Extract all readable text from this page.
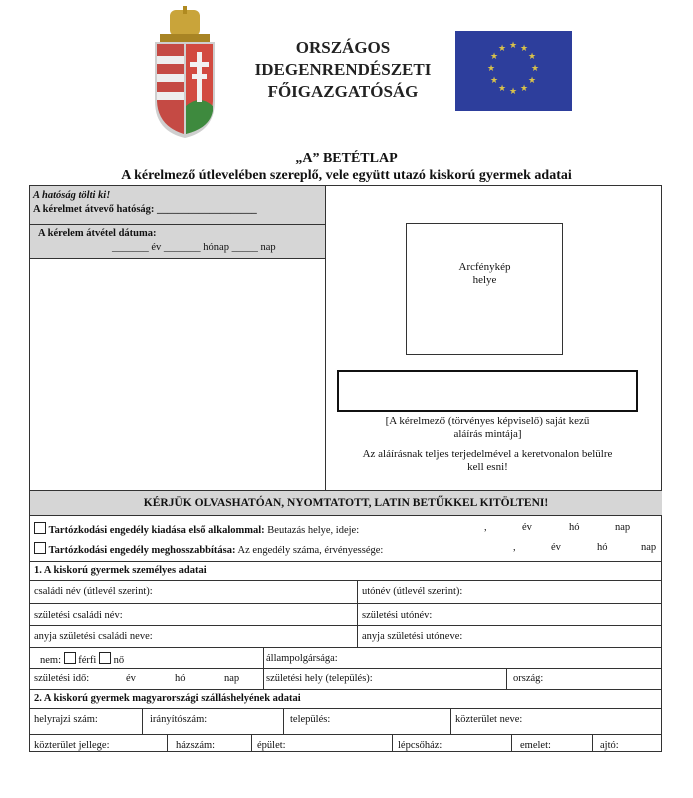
ORSZÁGOS
IDEGENRENDÉSZETI
FŐIGAZGATÓSÁG
★ ★
★
★
★
★
★
★
★
★
★
★
„A” BETÉTLAP
A kérelmező útlevelében szereplő, vele együtt utazó kiskorú gyermek adatai
A hatóság tölti ki!
A kérelmet átvevő hatóság: ___________________
A kérelem átvétel dátuma:
_______ év _______ hónap _____ nap
Arcfénykép
helye
[A kérelmező (törvényes képviselő) saját kezű
aláírás mintája]
Az aláírásnak teljes terjedelmével a keretvonalon belülre
kell esni!
KÉRJÜK OLVASHATÓAN, NYOMTATOTT, LATIN BETŰKKEL KITÖLTENI!
Tartózkodási engedély kiadása első alkalommal: Beutazás helye, ideje:	,	év	hó	nap
Tartózkodási engedély meghosszabbítása: Az engedély száma, érvényessége:	,	év	hó	nap
1. A kiskorú gyermek személyes adatai
családi név (útlevél szerint):	utónév (útlevél szerint):
születési családi név:	születési utónév:
anyja születési családi neve:	anyja születési utóneve:
nem: férfi nő	állampolgársága:
születési idő:	év	hó	nap	születési hely (település):	ország:
2. A kiskorú gyermek magyarországi szálláshelyének adatai
helyrajzi szám:	irányítószám:	település:	közterület neve:
közterület jellege:	házszám:	épület:	lépcsőház:	emelet:	ajtó:
